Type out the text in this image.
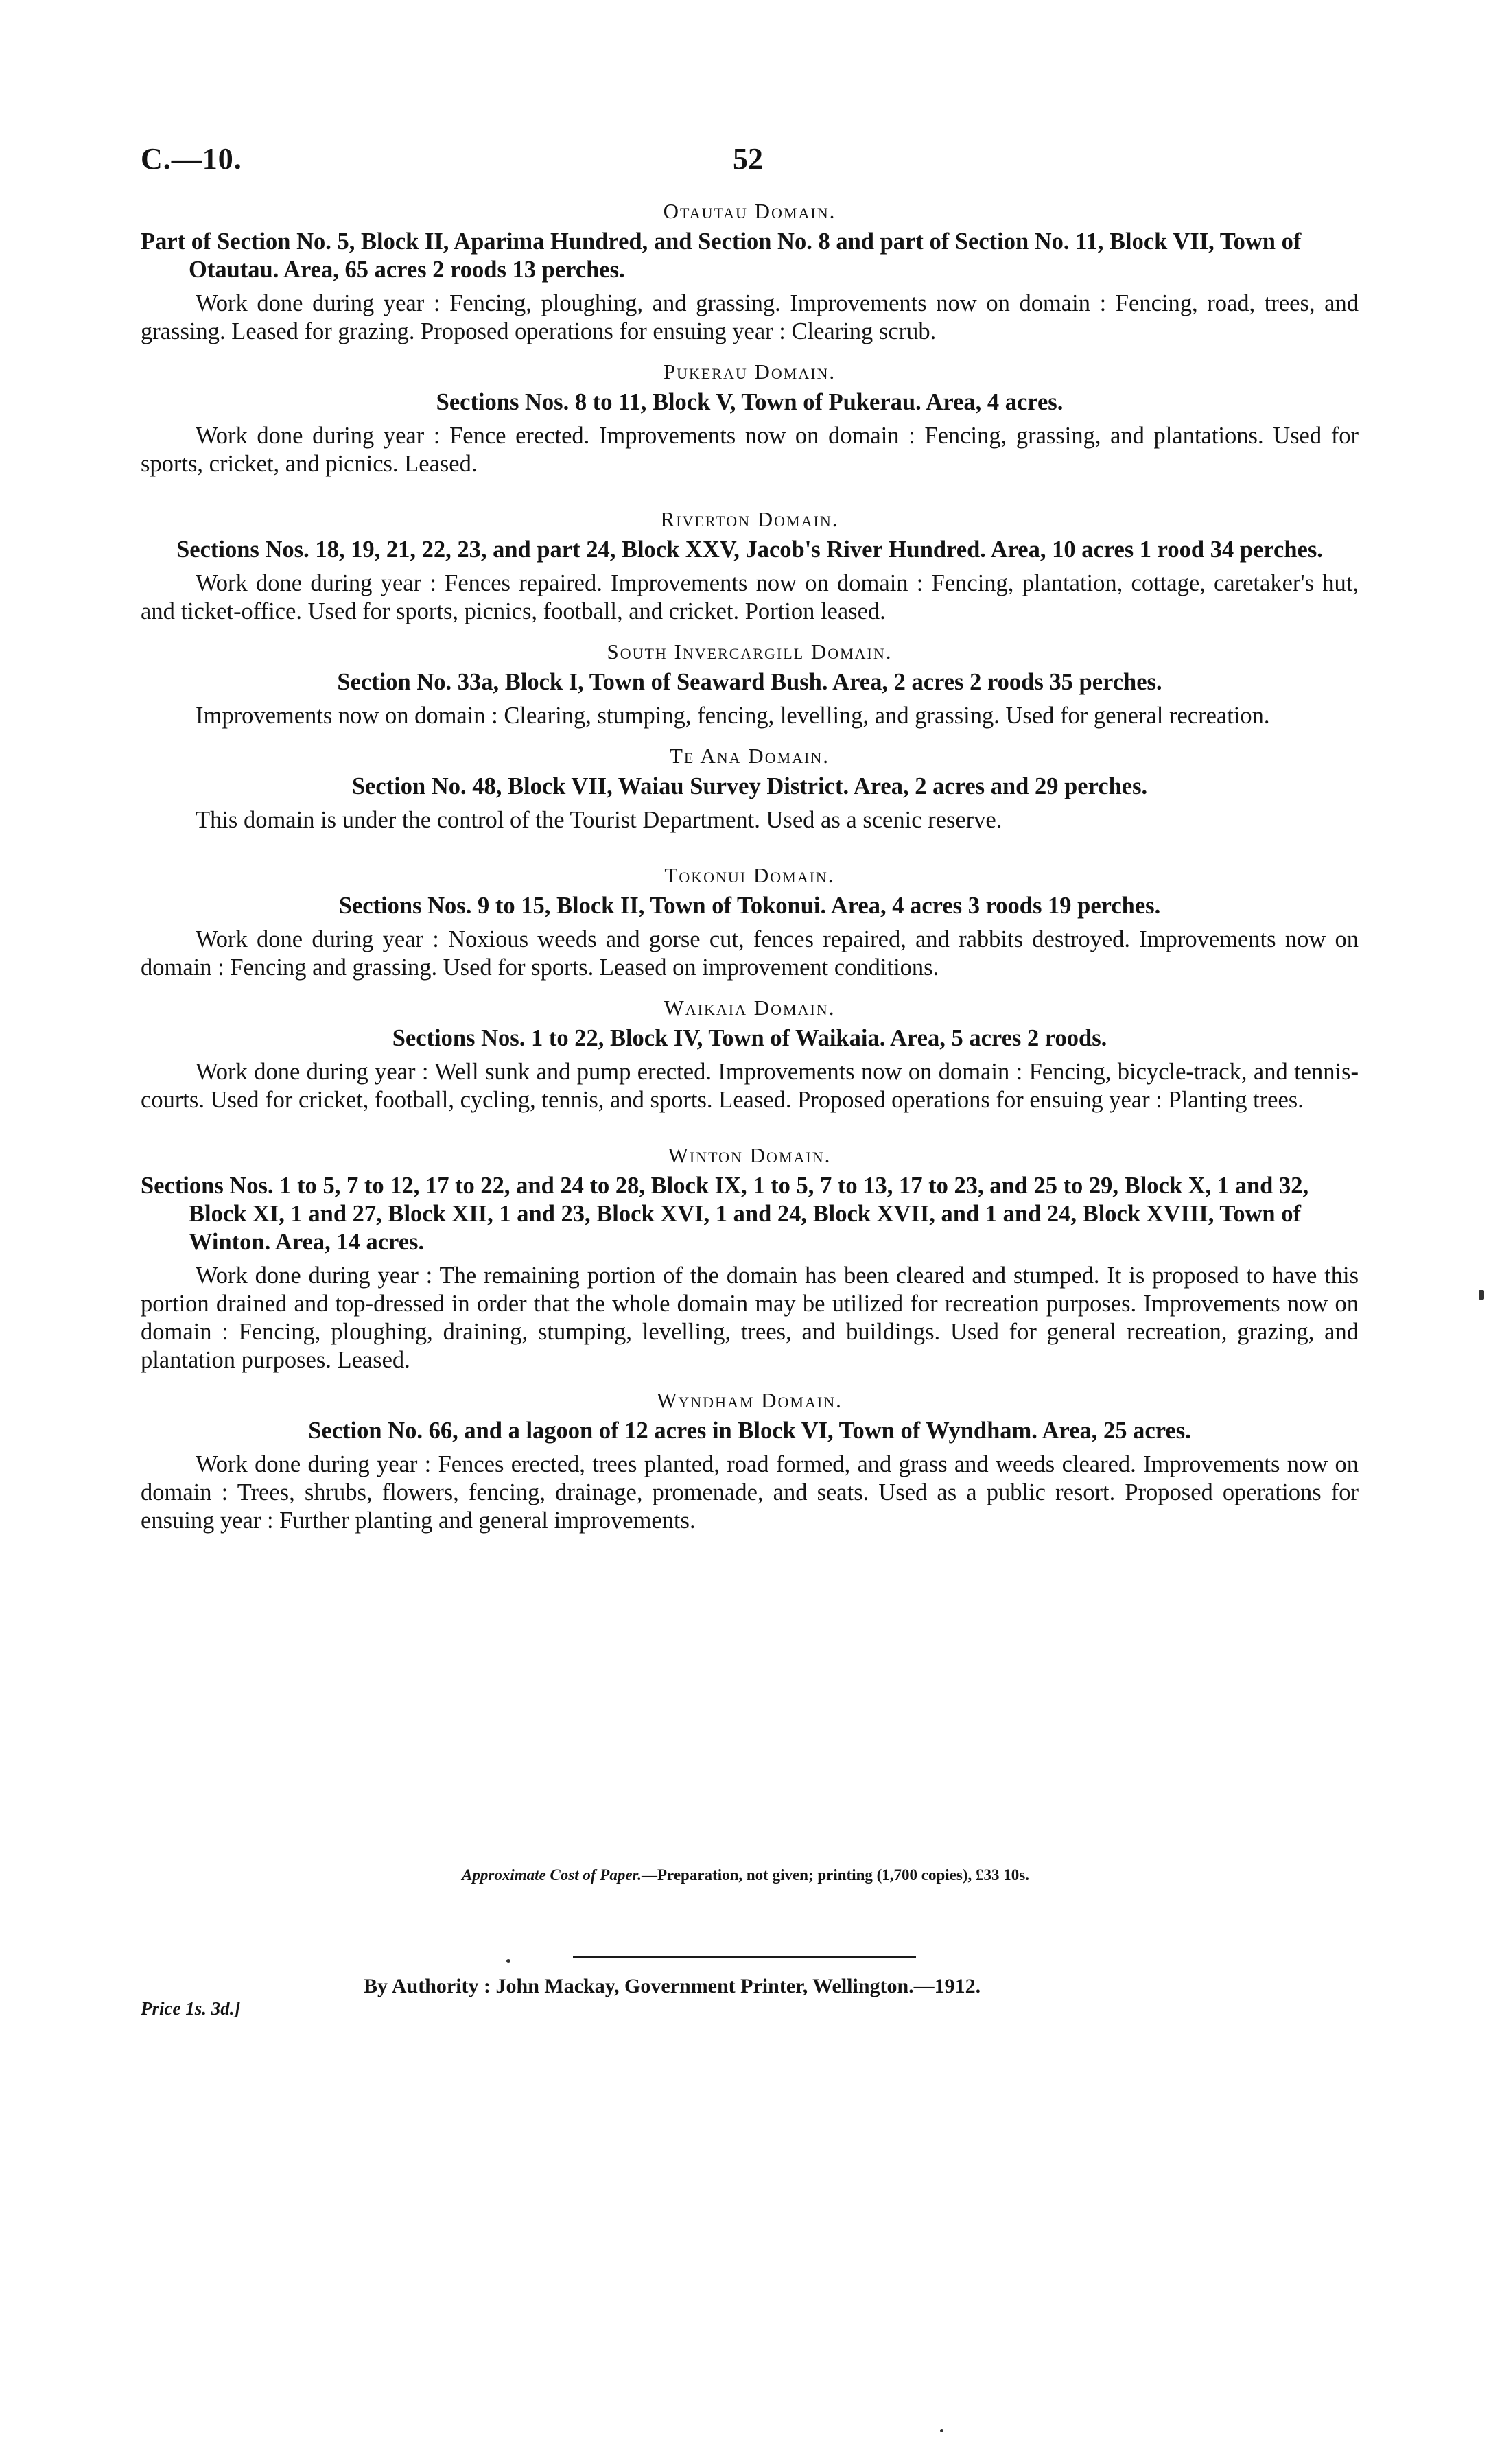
C.—10.	52
Otautau Domain.

Part of Section No. 5, Block II, Aparima Hundred, and Section No. 8 and part of Section No. 11, Block VII, Town of Otautau. Area, 65 acres 2 roods 13 perches.

Work done during year : Fencing, ploughing, and grassing. Improvements now on domain : Fencing, road, trees, and grassing. Leased for grazing. Proposed operations for ensuing year : Clearing scrub.

Pukerau Domain.

Sections Nos. 8 to 11, Block V, Town of Pukerau. Area, 4 acres.

Work done during year : Fence erected. Improvements now on domain : Fencing, grassing, and plantations. Used for sports, cricket, and picnics. Leased.

Riverton Domain.

Sections Nos. 18, 19, 21, 22, 23, and part 24, Block XXV, Jacob's River Hundred. Area, 10 acres 1 rood 34 perches.

Work done during year : Fences repaired. Improvements now on domain : Fencing, plantation, cottage, caretaker's hut, and ticket-office. Used for sports, picnics, football, and cricket. Portion leased.

South Invercargill Domain.

Section No. 33a, Block I, Town of Seaward Bush. Area, 2 acres 2 roods 35 perches.

Improvements now on domain : Clearing, stumping, fencing, levelling, and grassing. Used for general recreation.

Te Ana Domain.

Section No. 48, Block VII, Waiau Survey District. Area, 2 acres and 29 perches.

This domain is under the control of the Tourist Department. Used as a scenic reserve.

Tokonui Domain.

Sections Nos. 9 to 15, Block II, Town of Tokonui. Area, 4 acres 3 roods 19 perches.

Work done during year : Noxious weeds and gorse cut, fences repaired, and rabbits destroyed. Improvements now on domain : Fencing and grassing. Used for sports. Leased on improvement conditions.

Waikaia Domain.

Sections Nos. 1 to 22, Block IV, Town of Waikaia. Area, 5 acres 2 roods.

Work done during year : Well sunk and pump erected. Improvements now on domain : Fencing, bicycle-track, and tennis-courts. Used for cricket, football, cycling, tennis, and sports. Leased. Proposed operations for ensuing year : Planting trees.

Winton Domain.

Sections Nos. 1 to 5, 7 to 12, 17 to 22, and 24 to 28, Block IX, 1 to 5, 7 to 13, 17 to 23, and 25 to 29, Block X, 1 and 32, Block XI, 1 and 27, Block XII, 1 and 23, Block XVI, 1 and 24, Block XVII, and 1 and 24, Block XVIII, Town of Winton. Area, 14 acres.

Work done during year : The remaining portion of the domain has been cleared and stumped. It is proposed to have this portion drained and top-dressed in order that the whole domain may be utilized for recreation purposes. Improvements now on domain : Fencing, ploughing, draining, stumping, levelling, trees, and buildings. Used for general recreation, grazing, and plantation purposes. Leased.

Wyndham Domain.

Section No. 66, and a lagoon of 12 acres in Block VI, Town of Wyndham. Area, 25 acres.

Work done during year : Fences erected, trees planted, road formed, and grass and weeds cleared. Improvements now on domain : Trees, shrubs, flowers, fencing, drainage, promenade, and seats. Used as a public resort. Proposed operations for ensuing year : Further planting and general improvements.

Approximate Cost of Paper.—Preparation, not given; printing (1,700 copies), £33 10s.
By Authority : John Mackay, Government Printer, Wellington.—1912.
Price 1s. 3d.]
